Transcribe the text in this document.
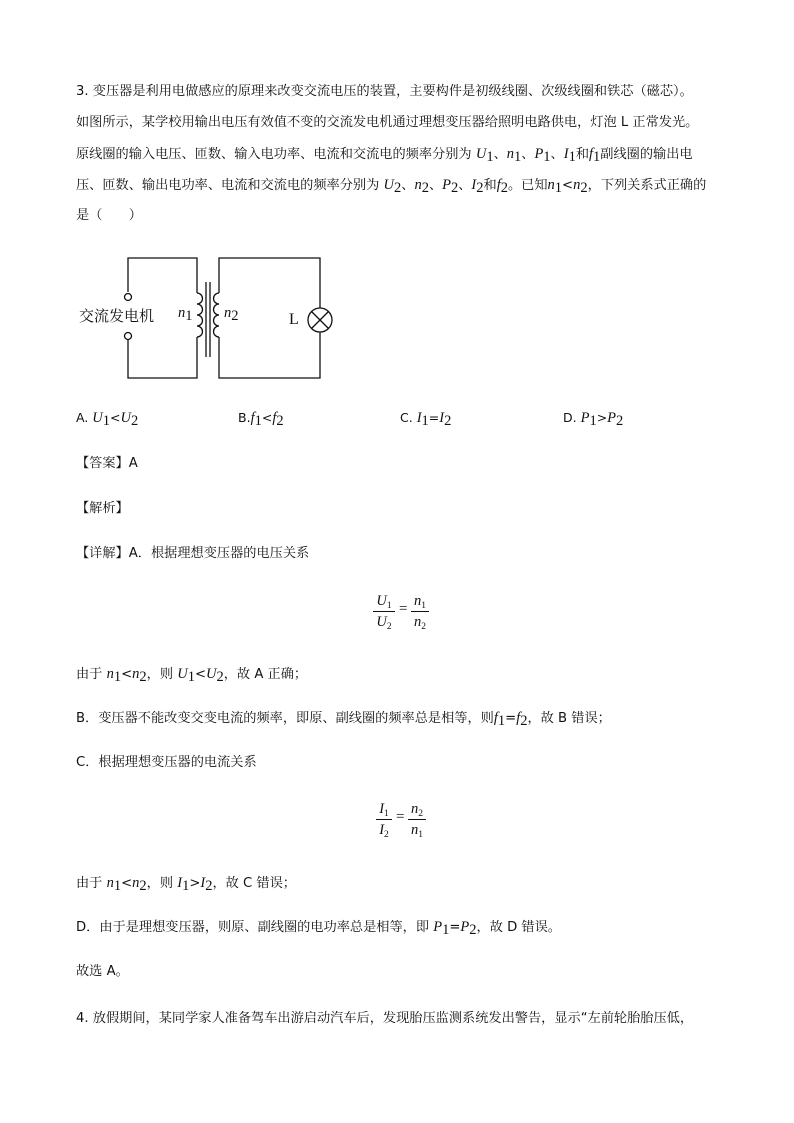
3. 变压器是利用电做感应的原理来改变交流电压的装置，主要构件是初级线圈、次级线圈和铁芯（磁芯）。
如图所示，某学校用输出电压有效值不变的交流发电机通过理想变压器给照明电路供电，灯泡 L 正常发光。
原线圈的输入电压、匝数、输入电功率、电流和交流电的频率分别为 $U_1$、$n_1$、$P_1$、$I_1$和$f_1$副线圈的输出电
压、匝数、输出电功率、电流和交流电的频率分别为 $U_2$、$n_2$、$P_2$、$I_2$和$f_2$。已知$n_1<n_2$，下列关系式正确的
是（　　）
交流发电机 $n_1$ $n_2$	L
A. $U_1<U_2$	$B.f_1<f_2$	C. $I_1=I_2$	D. $P_1>P_2$
【答案】A
【解析】
【详解】A．根据理想变压器的电压关系
$U_1$
$U_2$
= $n_1$
$n_2$
由于 $n_1<n_2$，则 $U_1<U_2$，故 A 正确；
B．变压器不能改变交变电流的频率，即原、副线圈的频率总是相等，则$f_1=f_2$，故 B 错误；
C．根据理想变压器的电流关系
$I_1$
$I_2$
= $n_2$
$n_1$
由于 $n_1<n_2$，则 $I_1>I_2$，故 C 错误；
D．由于是理想变压器，则原、副线圈的电功率总是相等，即 $P_1=P_2$，故 D 错误。
故选 A。
4. 放假期间，某同学家人准备驾车出游启动汽车后，发现胎压监测系统发出警告，显示“左前轮胎胎压低，
